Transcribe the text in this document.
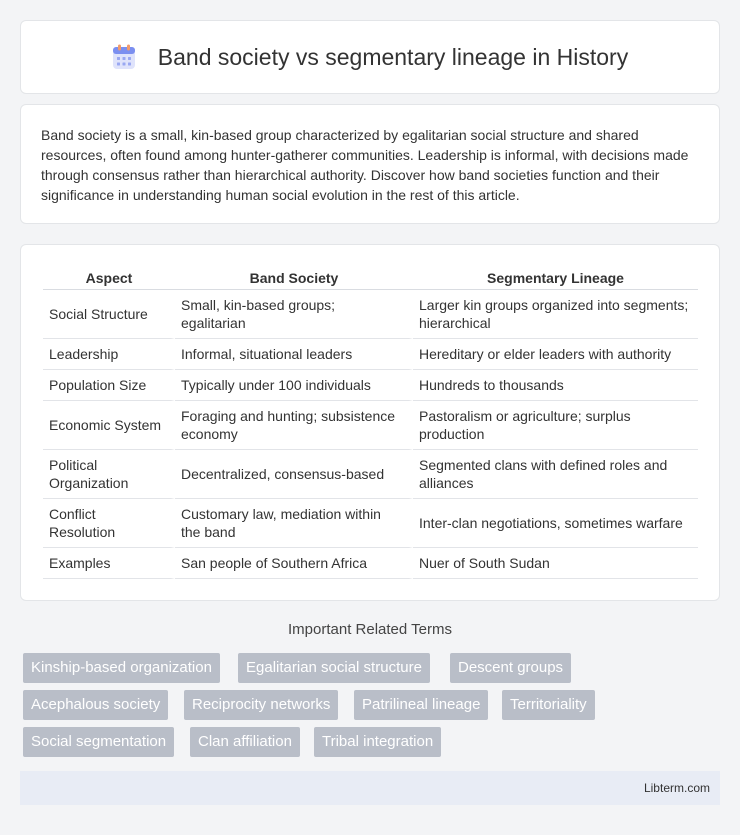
Band society vs segmentary lineage in History

Band society is a small, kin-based group characterized by egalitarian social structure and shared resources, often found among hunter-gatherer communities. Leadership is informal, with decisions made through consensus rather than hierarchical authority. Discover how band societies function and their significance in understanding human social evolution in the rest of this article.

Aspect	Band Society	Segmentary Lineage
Social Structure	Small, kin-based groups; egalitarian	Larger kin groups organized into segments; hierarchical
Leadership	Informal, situational leaders	Hereditary or elder leaders with authority
Population Size	Typically under 100 individuals	Hundreds to thousands
Economic System	Foraging and hunting; subsistence economy	Pastoralism or agriculture; surplus production
Political Organization	Decentralized, consensus-based	Segmented clans with defined roles and alliances
Conflict Resolution	Customary law, mediation within the band	Inter-clan negotiations, sometimes warfare
Examples	San people of Southern Africa	Nuer of South Sudan
Important Related Terms
Kinship-based organization	Egalitarian social structure	Descent groups
Acephalous society	Reciprocity networks	Patrilineal lineage	Territoriality
Social segmentation	Clan affiliation	Tribal integration
Libterm.com
